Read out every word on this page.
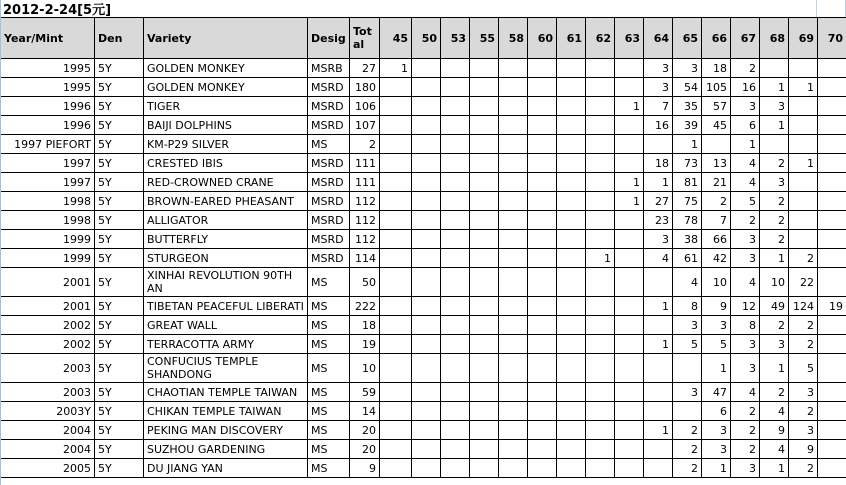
2012-2-24[5元]
Year/Mint	Den	Variety	Desig	Total	45	50	53	55	58	60	61	62	63	64	65	66	67	68	69	70
1995	5Y	GOLDEN MONKEY	MSRB	27	1									3	3	18	2			
1995	5Y	GOLDEN MONKEY	MSRD	180										3	54	105	16	1	1	
1996	5Y	TIGER	MSRD	106									1	7	35	57	3	3		
1996	5Y	BAIJI DOLPHINS	MSRD	107										16	39	45	6	1		
1997 PIEFORT	5Y	KM-P29 SILVER	MS	2											1		1			
1997	5Y	CRESTED IBIS	MSRD	111										18	73	13	4	2	1	
1997	5Y	RED-CROWNED CRANE	MSRD	111									1	1	81	21	4	3		
1998	5Y	BROWN-EARED PHEASANT	MSRD	112									1	27	75	2	5	2		
1998	5Y	ALLIGATOR	MSRD	112										23	78	7	2	2		
1999	5Y	BUTTERFLY	MSRD	112										3	38	66	3	2		
1999	5Y	STURGEON	MSRD	114								1		4	61	42	3	1	2	
2001	5Y	XINHAI REVOLUTION 90TH AN	MS	50											4	10	4	10	22	
2001	5Y	TIBETAN PEACEFUL LIBERATI	MS	222										1	8	9	12	49	124	19
2002	5Y	GREAT WALL	MS	18											3	3	8	2	2	
2002	5Y	TERRACOTTA ARMY	MS	19										1	5	5	3	3	2	
2003	5Y	CONFUCIUS TEMPLE SHANDONG	MS	10												1	3	1	5	
2003	5Y	CHAOTIAN TEMPLE TAIWAN	MS	59											3	47	4	2	3	
2003Y	5Y	CHIKAN TEMPLE TAIWAN	MS	14												6	2	4	2	
2004	5Y	PEKING MAN DISCOVERY	MS	20										1	2	3	2	9	3	
2004	5Y	SUZHOU GARDENING	MS	20											2	3	2	4	9	
2005	5Y	DU JIANG YAN	MS	9											2	1	3	1	2	
